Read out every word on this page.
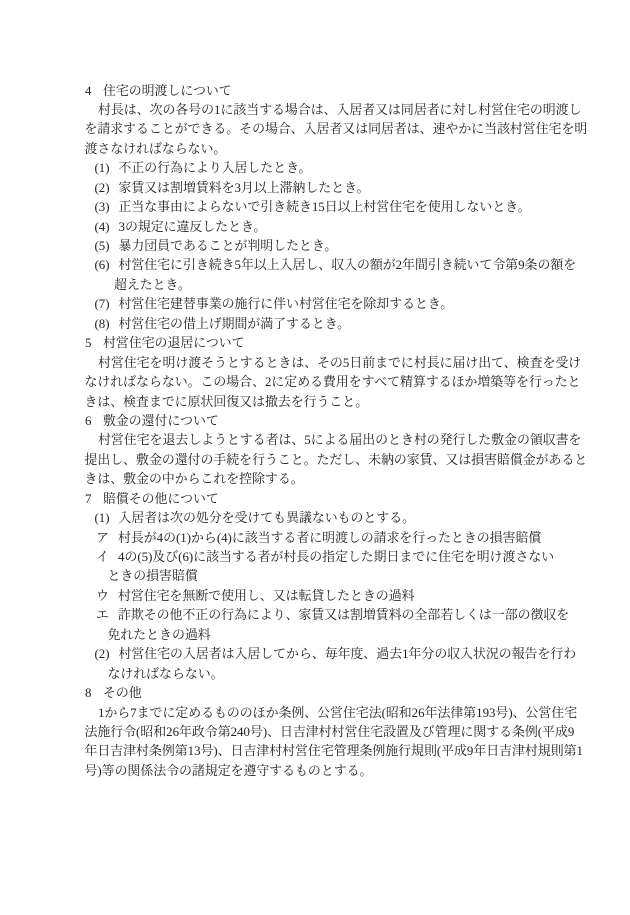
4 住宅の明渡しについて
村長は、次の各号の1に該当する場合は、入居者又は同居者に対し村営住宅の明渡し
を請求することができる。その場合、入居者又は同居者は、速やかに当該村営住宅を明
渡さなければならない。
(1) 不正の行為により入居したとき。
(2) 家賃又は割増賃料を3月以上滞納したとき。
(3) 正当な事由によらないで引き続き15日以上村営住宅を使用しないとき。
(4) 3の規定に違反したとき。
(5) 暴力団員であることが判明したとき。
(6) 村営住宅に引き続き5年以上入居し、収入の額が2年間引き続いて令第9条の額を
超えたとき。
(7) 村営住宅建替事業の施行に伴い村営住宅を除却するとき。
(8) 村営住宅の借上げ期間が満了するとき。
5 村営住宅の退居について
村営住宅を明け渡そうとするときは、その5日前までに村長に届け出て、検査を受け
なければならない。この場合、2に定める費用をすべて精算するほか増築等を行ったと
きは、検査までに原状回復又は撤去を行うこと。
6 敷金の還付について
村営住宅を退去しようとする者は、5による届出のとき村の発行した敷金の領収書を
提出し、敷金の還付の手続を行うこと。ただし、未納の家賃、又は損害賠償金があると
きは、敷金の中からこれを控除する。
7 賠償その他について
(1) 入居者は次の処分を受けても異議ないものとする。
ア 村長が4の(1)から(4)に該当する者に明渡しの請求を行ったときの損害賠償
イ 4の(5)及び(6)に該当する者が村長の指定した期日までに住宅を明け渡さない
ときの損害賠償
ウ 村営住宅を無断で使用し、又は転貸したときの過料
エ 詐欺その他不正の行為により、家賃又は割増賃料の全部若しくは一部の徴収を
免れたときの過料
(2) 村営住宅の入居者は入居してから、毎年度、過去1年分の収入状況の報告を行わ
なければならない。
8 その他
1から7までに定めるもののほか条例、公営住宅法(昭和26年法律第193号)、公営住宅
法施行令(昭和26年政令第240号)、日吉津村村営住宅設置及び管理に関する条例(平成9
年日吉津村条例第13号)、日吉津村村営住宅管理条例施行規則(平成9年日吉津村規則第1
号)等の関係法令の諸規定を遵守するものとする。
